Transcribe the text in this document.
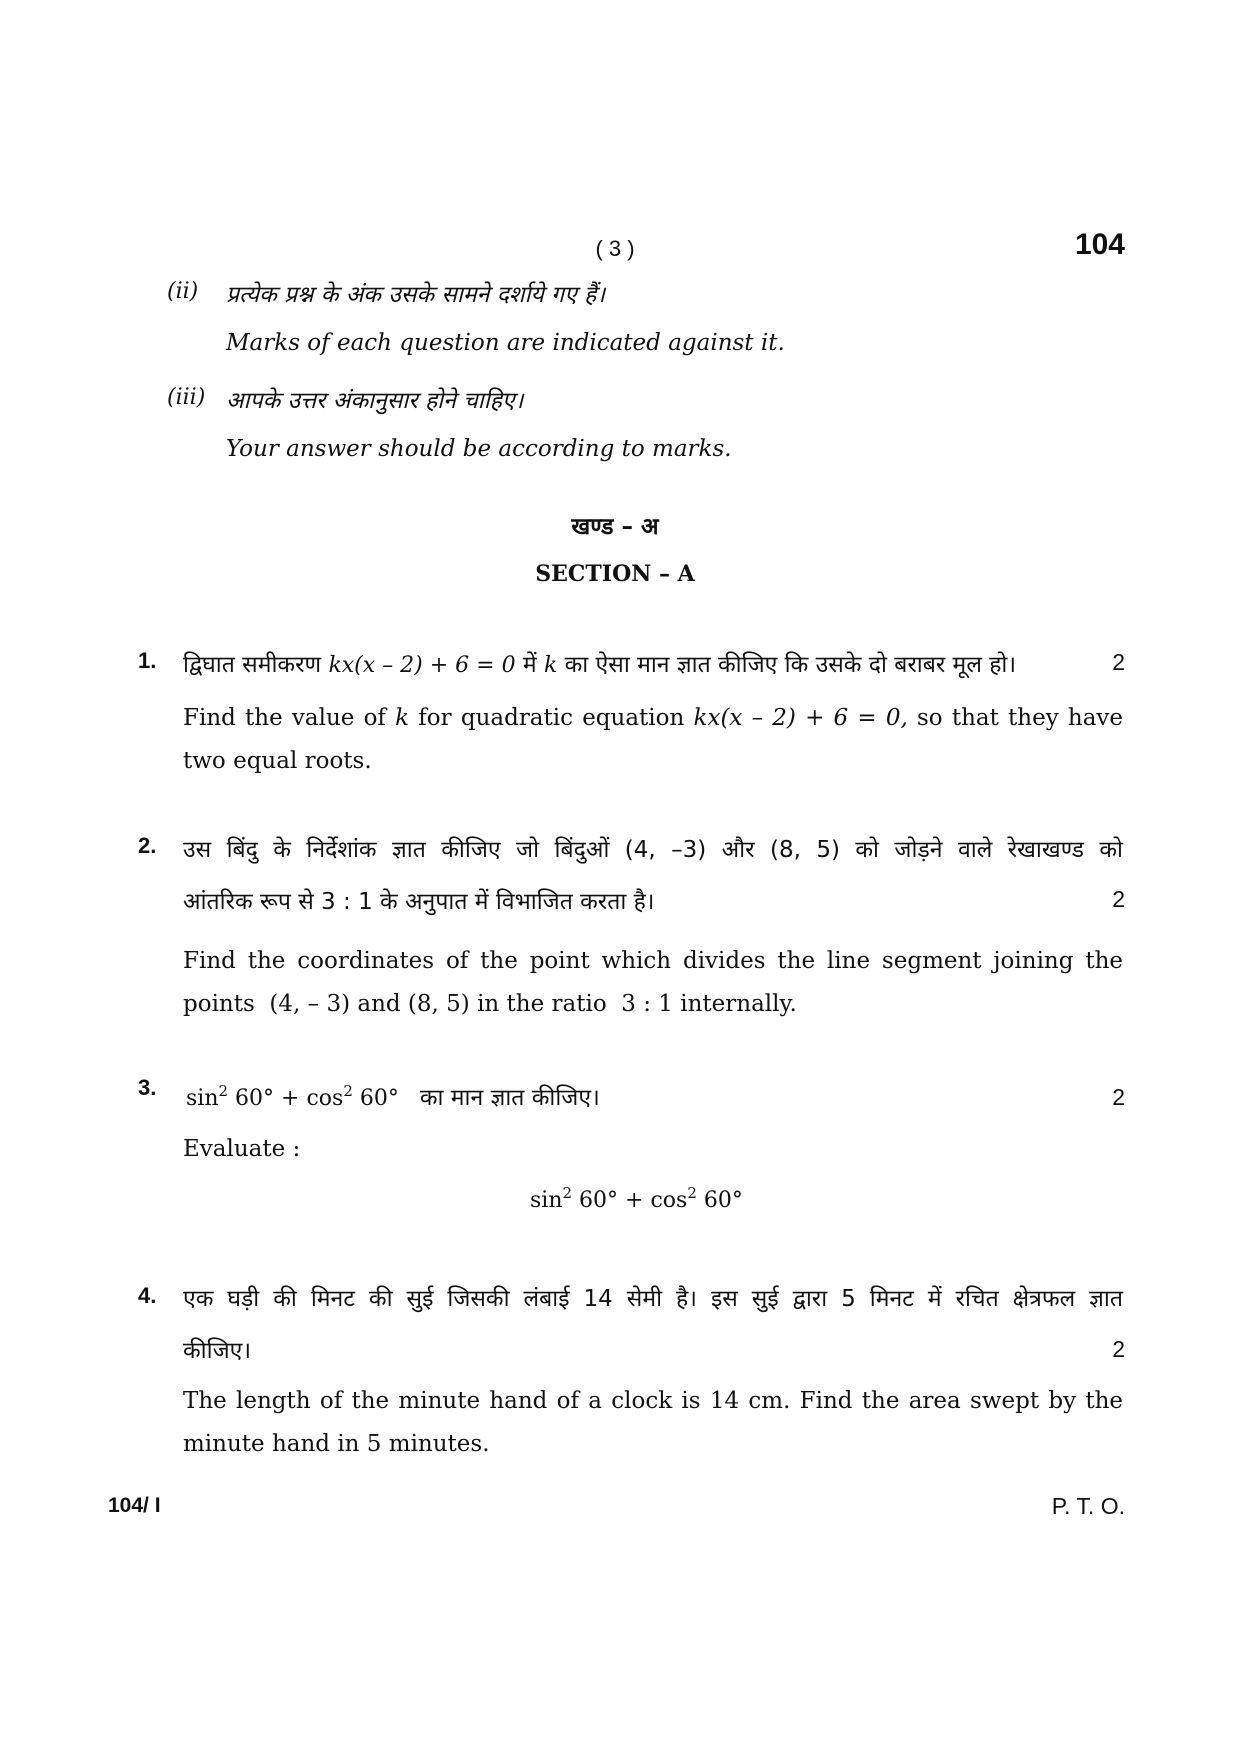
( 3 )	104
(ii) प्रत्येक प्रश्न के अंक उसके सामने दर्शाये गए हैं।
Marks of each question are indicated against it.
(iii) आपके उत्तर अंकानुसार होने चाहिए।
Your answer should be according to marks.
खण्ड – अ
SECTION – A
1. द्विघात समीकरण kx(x – 2) + 6 = 0 में k का ऐसा मान ज्ञात कीजिए कि उसके दो बराबर मूल हो।	2
Find the value of k for quadratic equation kx(x – 2) + 6 = 0, so that they have
two equal roots.
2. उस बिंदु के निर्देशांक ज्ञात कीजिए जो बिंदुओं (4, –3) और (8, 5) को जोड़ने वाले रेखाखण्ड को
आंतरिक रूप से 3 : 1 के अनुपात में विभाजित करता है।	2
Find the coordinates of the point which divides the line segment joining the
points  (4, – 3) and (8, 5) in the ratio  3 : 1 internally.
3. $\sin^2 60^\circ + \cos^2 60^\circ$ का मान ज्ञात कीजिए।	2
Evaluate :
$\sin^2 60^\circ + \cos^2 60^\circ$
4. एक घड़ी की मिनट की सुई जिसकी लंबाई 14 सेमी है। इस सुई द्वारा 5 मिनट में रचित क्षेत्रफल ज्ञात
कीजिए।	2
The length of the minute hand of a clock is 14 cm. Find the area swept by the
minute hand in 5 minutes.
104/ I	P. T. O.
